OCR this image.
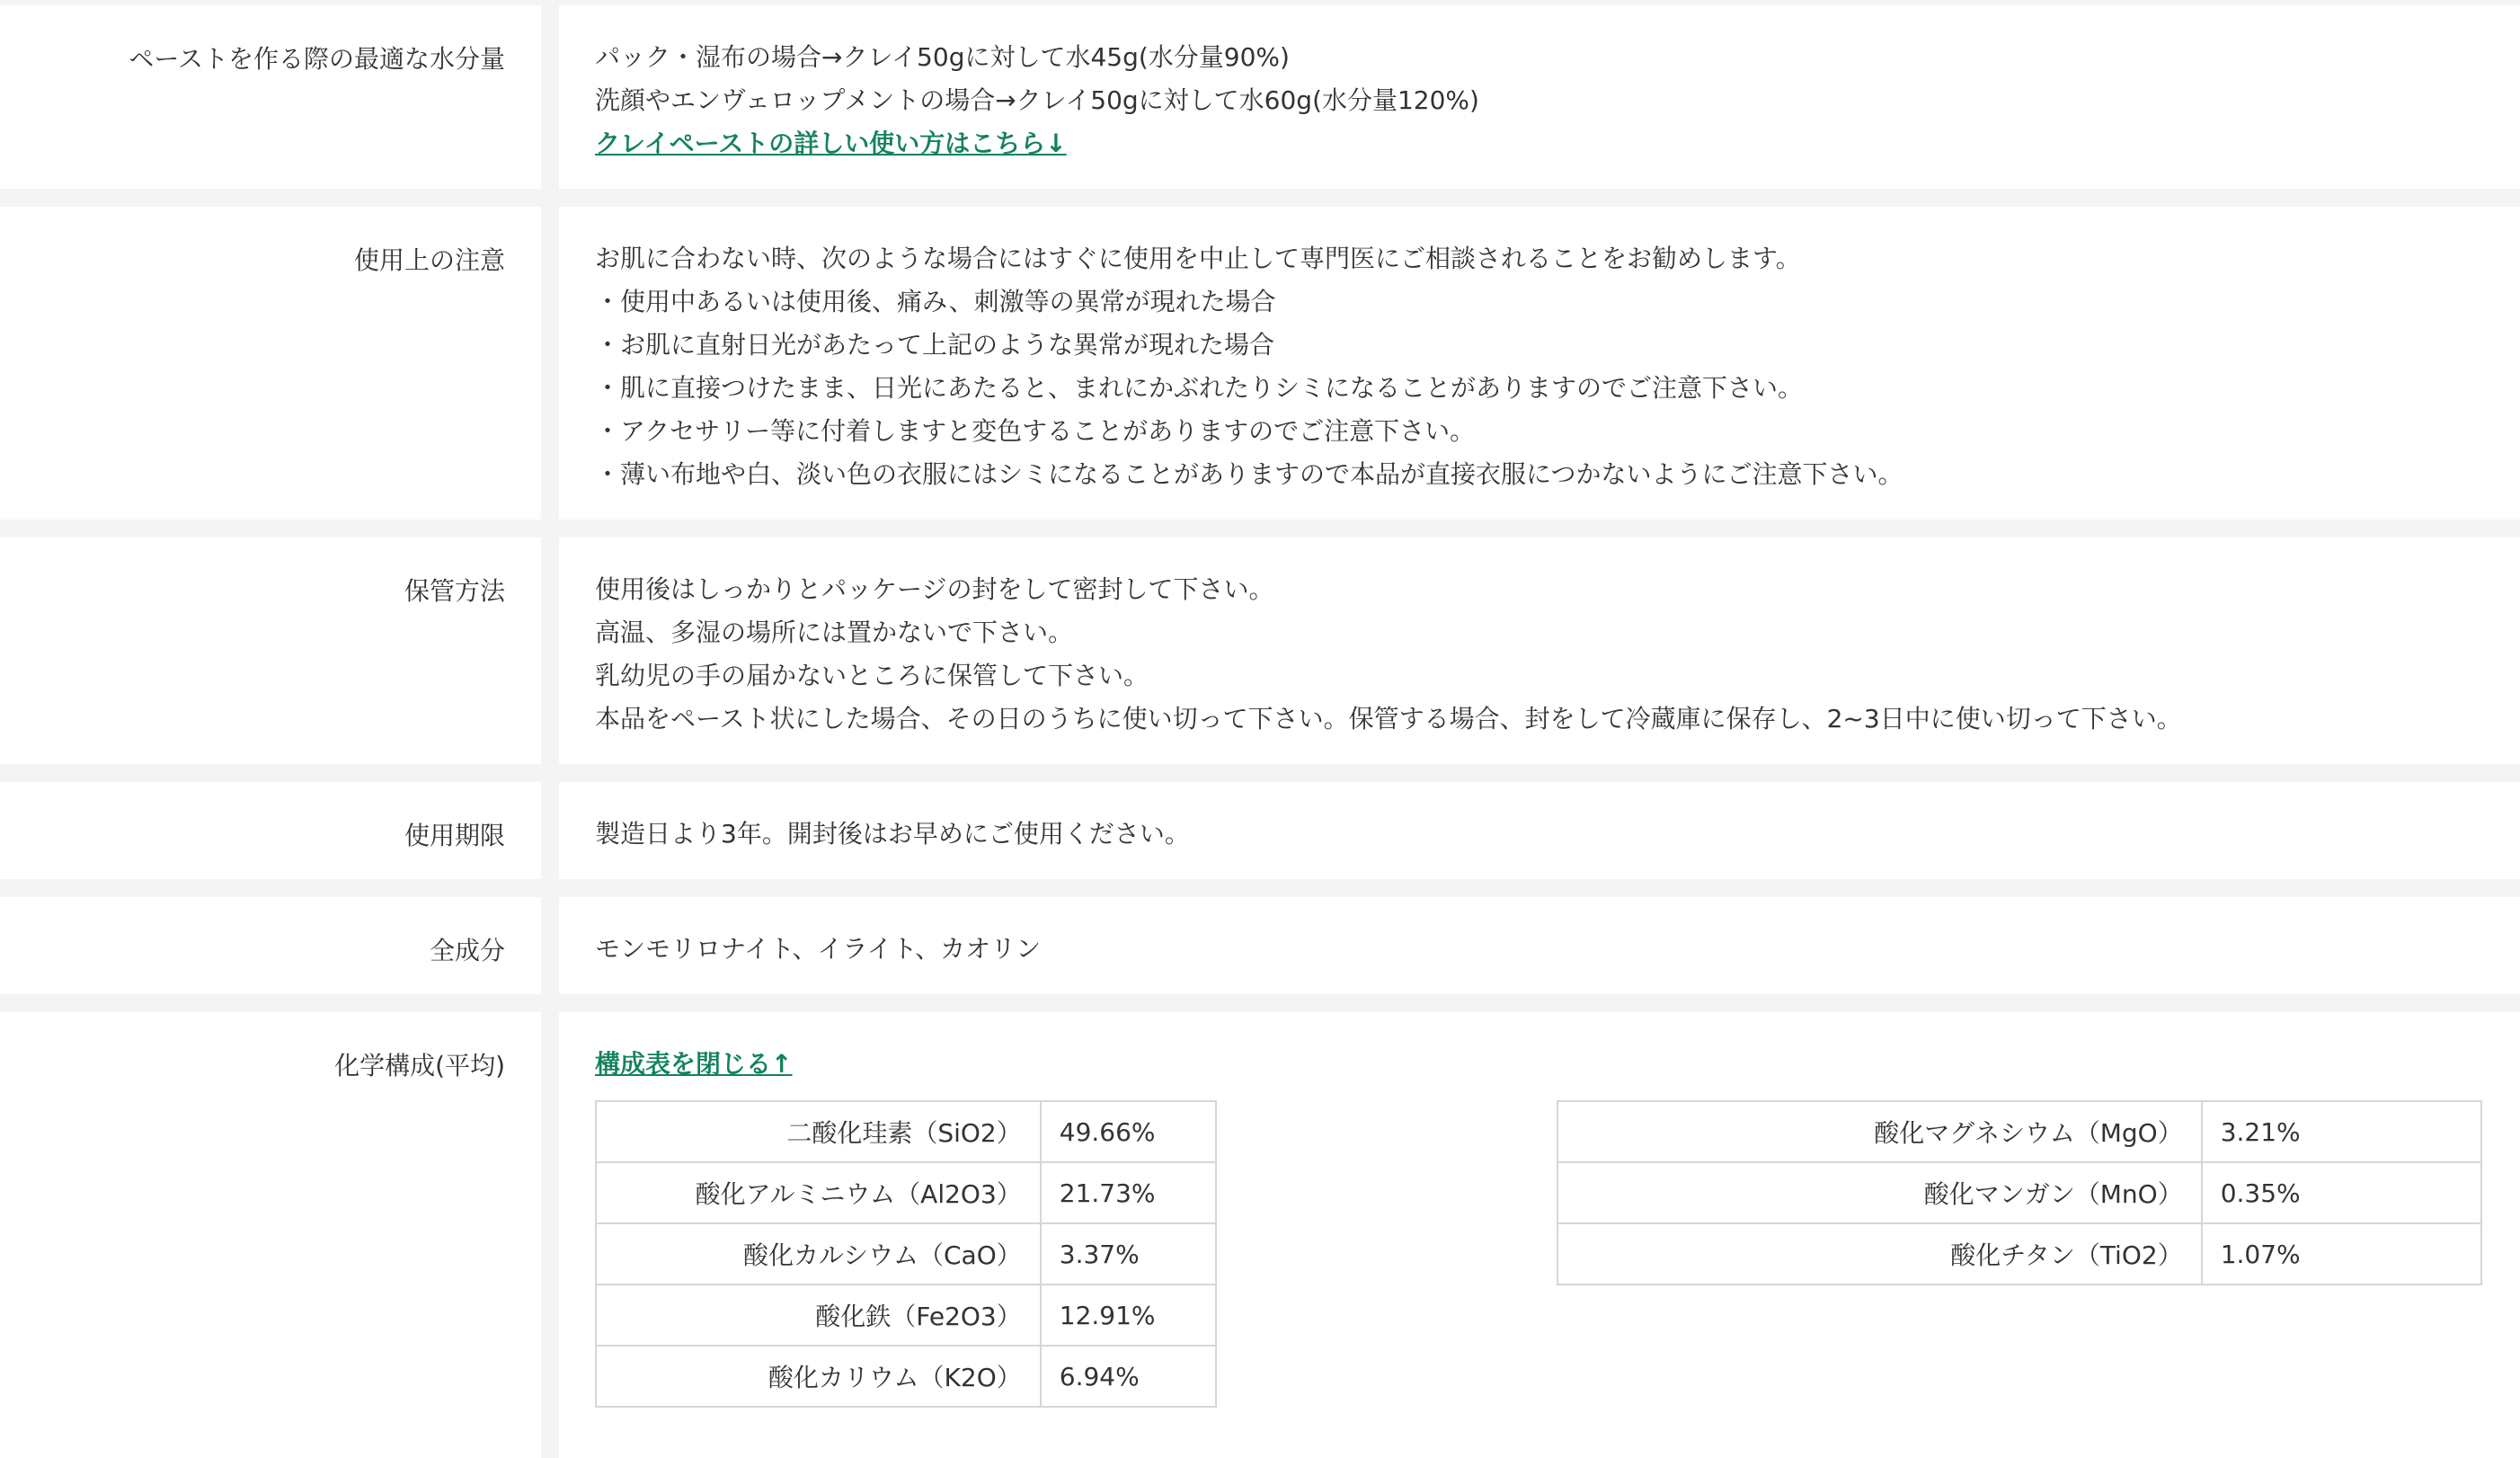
ペーストを作る際の最適な水分量	パック・湿布の場合→クレイ50gに対して水45g(水分量90%)
洗顔やエンヴェロップメントの場合→クレイ50gに対して水60g(水分量120%)
クレイペーストの詳しい使い方はこちら↓
使用上の注意	お肌に合わない時、次のような場合にはすぐに使用を中止して専門医にご相談されることをお勧めします。
・使用中あるいは使用後、痛み、刺激等の異常が現れた場合
・お肌に直射日光があたって上記のような異常が現れた場合
・肌に直接つけたまま、日光にあたると、まれにかぶれたりシミになることがありますのでご注意下さい。
・アクセサリー等に付着しますと変色することがありますのでご注意下さい。
・薄い布地や白、淡い色の衣服にはシミになることがありますので本品が直接衣服につかないようにご注意下さい。
保管方法	使用後はしっかりとパッケージの封をして密封して下さい。
高温、多湿の場所には置かないで下さい。
乳幼児の手の届かないところに保管して下さい。
本品をペースト状にした場合、その日のうちに使い切って下さい。保管する場合、封をして冷蔵庫に保存し、2~3日中に使い切って下さい。
使用期限	製造日より3年。開封後はお早めにご使用ください。
全成分	モンモリロナイト、イライト、カオリン
化学構成(平均)	構成表を閉じる↑
二酸化珪素（SiO2）	49.66%
酸化アルミニウム（Al2O3）	21.73%
酸化カルシウム（CaO）	3.37%
酸化鉄（Fe2O3）	12.91%
酸化カリウム（K2O）	6.94%
酸化マグネシウム（MgO）	3.21%
酸化マンガン（MnO）	0.35%
酸化チタン（TiO2）	1.07%
